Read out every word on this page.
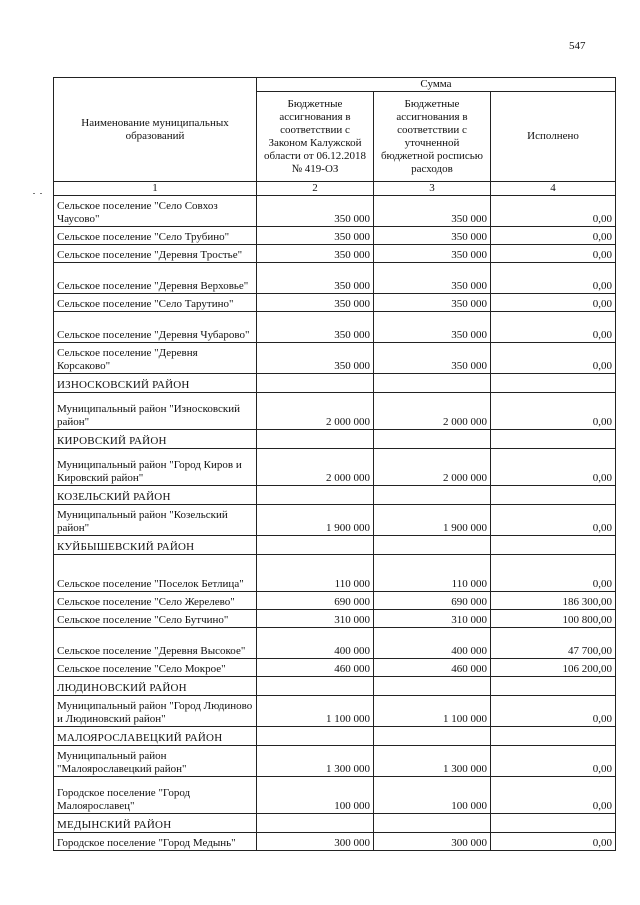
547
Наименование муниципальных образований	Сумма		
	Бюджетные ассигнования в соответствии с Законом Калужской области от 06.12.2018 № 419-ОЗ	Бюджетные ассигнования в соответствии с уточненной бюджетной росписью расходов	Исполнено
1	2	3	4
Сельское поселение "Село Совхоз Чаусово"	350 000	350 000	0,00
Сельское поселение "Село Трубино"	350 000	350 000	0,00
Сельское поселение "Деревня Тростье"	350 000	350 000	0,00
Сельское поселение "Деревня Верховье"	350 000	350 000	0,00
Сельское поселение "Село Тарутино"	350 000	350 000	0,00
Сельское поселение "Деревня Чубарово"	350 000	350 000	0,00
Сельское поселение "Деревня Корсаково"	350 000	350 000	0,00
ИЗНОСКОВСКИЙ РАЙОН			
Муниципальный район "Износковский район"	2 000 000	2 000 000	0,00
КИРОВСКИЙ РАЙОН			
Муниципальный район "Город Киров и Кировский район"	2 000 000	2 000 000	0,00
КОЗЕЛЬСКИЙ РАЙОН			
Муниципальный район "Козельский район"	1 900 000	1 900 000	0,00
КУЙБЫШЕВСКИЙ РАЙОН			
Сельское поселение "Поселок Бетлица"	110 000	110 000	0,00
Сельское поселение "Село Жерелево"	690 000	690 000	186 300,00
Сельское поселение "Село Бутчино"	310 000	310 000	100 800,00
Сельское поселение "Деревня Высокое"	400 000	400 000	47 700,00
Сельское поселение "Село Мокрое"	460 000	460 000	106 200,00
ЛЮДИНОВСКИЙ РАЙОН			
Муниципальный район "Город Людиново и Людиновский район"	1 100 000	1 100 000	0,00
МАЛОЯРОСЛАВЕЦКИЙ РАЙОН			
Муниципальный район "Малоярославецкий район"	1 300 000	1 300 000	0,00
Городское поселение "Город Малоярославец"	100 000	100 000	0,00
МЕДЫНСКИЙ РАЙОН			
Городское поселение "Город Медынь"	300 000	300 000	0,00
